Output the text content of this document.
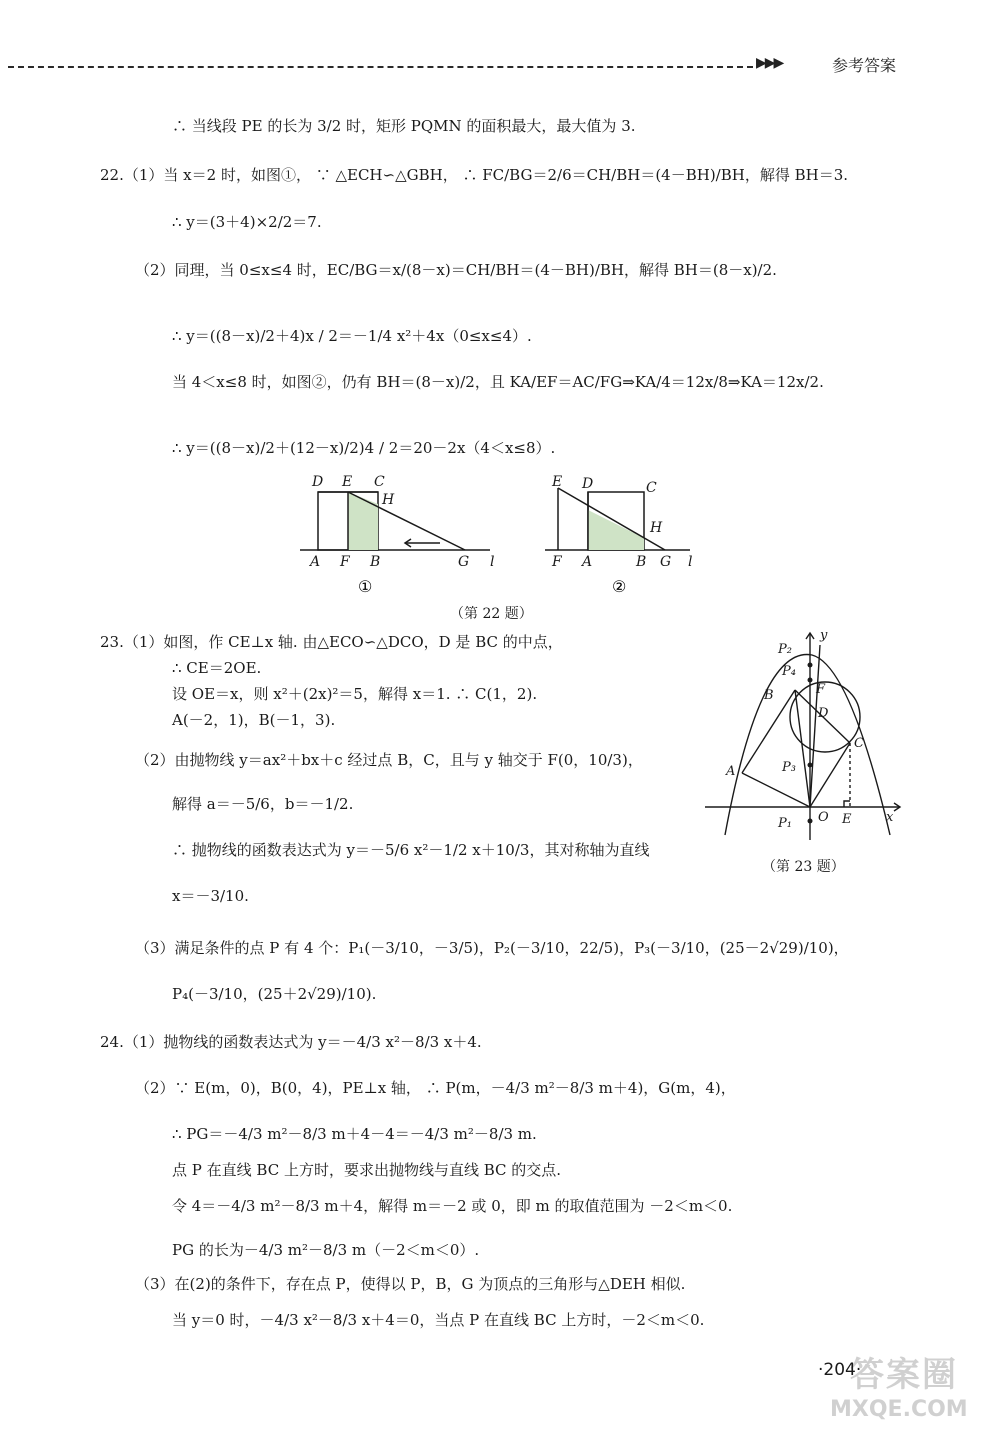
▶▶▶	参考答案
∴ 当线段 PE 的长为 3/2 时，矩形 PQMN 的面积最大，最大值为 3.
22.（1）当 x＝2 时，如图①， ∵ △ECH∽△GBH， ∴ FC/BG＝2/6＝CH/BH＝(4－BH)/BH，解得 BH＝3.
∴ y＝(3＋4)×2/2＝7.
（2）同理，当 0≤x≤4 时，EC/BG＝x/(8－x)＝CH/BH＝(4－BH)/BH，解得 BH＝(8－x)/2.
∴ y＝((8－x)/2＋4)x / 2＝－1/4 x²＋4x（0≤x≤4）.
当 4＜x≤8 时，如图②，仍有 BH＝(8－x)/2，且 KA/EF＝AC/FG⇒KA/4＝12x/8⇒KA＝12x/2.
∴ y＝((8－x)/2＋(12－x)/2)4 / 2＝20－2x（4＜x≤8）.
D E C
H
A F B	G l
①
E D	C
H
F A	B G l
②
（第 22 题）
23.（1）如图，作 CE⊥x 轴. 由△ECO∽△DCO，D 是 BC 的中点，
∴ CE＝2OE.
设 OE＝x，则 x²＋(2x)²＝5，解得 x＝1. ∴ C(1，2).
A(－2，1)，B(－1，3).
（2）由抛物线 y＝ax²＋bx＋c 经过点 B，C，且与 y 轴交于 F(0，10/3)，
解得 a＝－5/6，b＝－1/2.
∴ 抛物线的函数表达式为 y＝－5/6 x²－1/2 x＋10/3，其对称轴为直线
x＝－3/10.
（3）满足条件的点 P 有 4 个：P₁(－3/10，－3/5)，P₂(－3/10，22/5)，P₃(－3/10，(25－2√29)/10)，
P₄(－3/10，(25＋2√29)/10).
P₂
y
P₄
B	F
D
C
A	P₃
O E	x
P₁
（第 23 题）
24.（1）抛物线的函数表达式为 y＝－4/3 x²－8/3 x＋4.
（2）∵ E(m，0)，B(0，4)，PE⊥x 轴， ∴ P(m，－4/3 m²－8/3 m＋4)，G(m，4)，
∴ PG＝－4/3 m²－8/3 m＋4－4＝－4/3 m²－8/3 m.
点 P 在直线 BC 上方时，要求出抛物线与直线 BC 的交点.
令 4＝－4/3 m²－8/3 m＋4，解得 m＝－2 或 0，即 m 的取值范围为 －2＜m＜0.
PG 的长为－4/3 m²－8/3 m（－2＜m＜0）.
（3）在(2)的条件下，存在点 P，使得以 P，B，G 为顶点的三角形与△DEH 相似.
当 y＝0 时，－4/3 x²－8/3 x＋4＝0，当点 P 在直线 BC 上方时，－2＜m＜0.
答案圈
MXQE.COM
·204·
